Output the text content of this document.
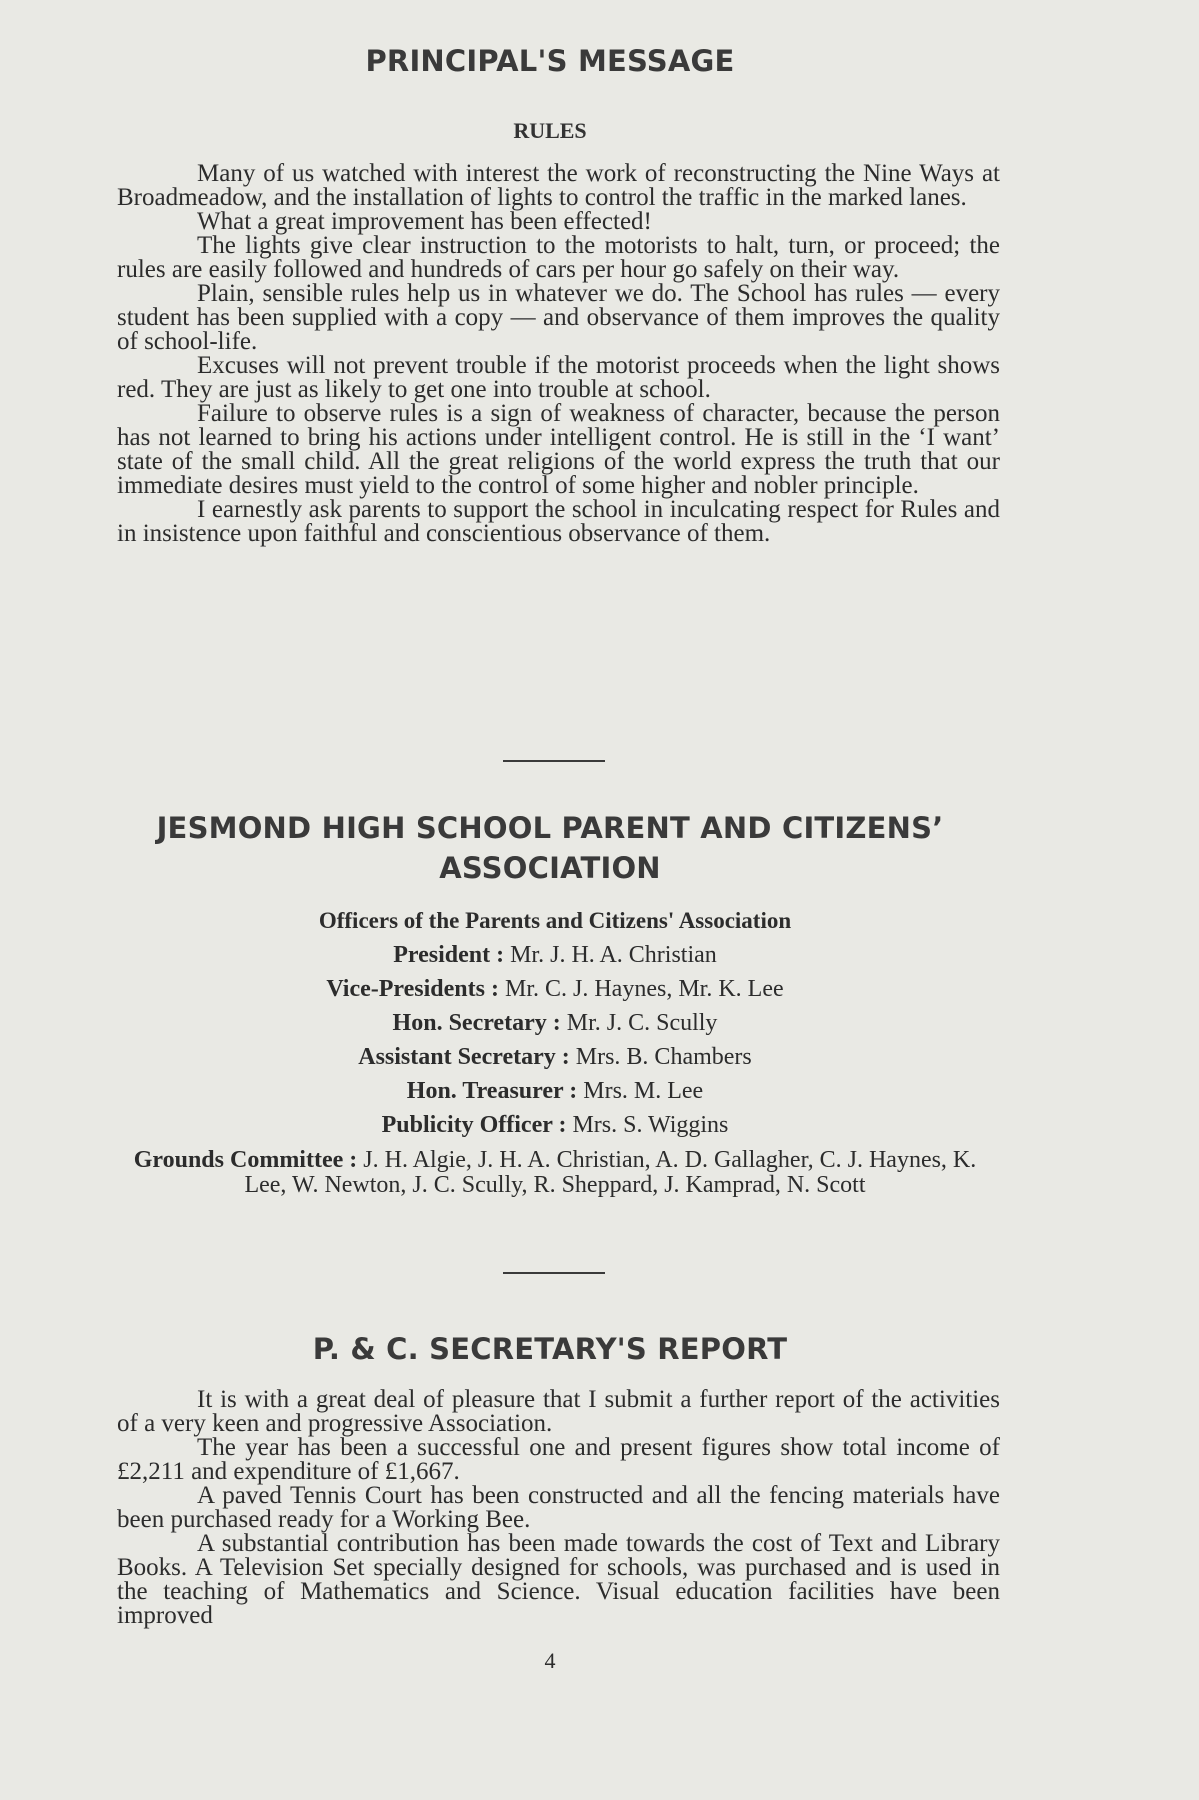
PRINCIPAL'S MESSAGE
RULES

Many of us watched with interest the work of reconstructing the Nine Ways at Broadmeadow, and the installation of lights to control the traffic in the marked lanes.

What a great improvement has been effected!

The lights give clear instruction to the motorists to halt, turn, or proceed; the rules are easily followed and hundreds of cars per hour go safely on their way.

Plain, sensible rules help us in whatever we do. The School has rules — every student has been supplied with a copy — and observance of them improves the quality of school-life.

Excuses will not prevent trouble if the motorist proceeds when the light shows red. They are just as likely to get one into trouble at school.

Failure to observe rules is a sign of weakness of character, because the person has not learned to bring his actions under intelligent control. He is still in the ‘I want’ state of the small child. All the great religions of the world express the truth that our immediate desires must yield to the control of some higher and nobler principle.

I earnestly ask parents to support the school in inculcating respect for Rules and in insistence upon faithful and conscientious observance of them.

JESMOND HIGH SCHOOL PARENT AND CITIZENS’
ASSOCIATION
Officers of the Parents and Citizens' Association
President : Mr. J. H. A. Christian
Vice-Presidents : Mr. C. J. Haynes, Mr. K. Lee
Hon. Secretary : Mr. J. C. Scully
Assistant Secretary : Mrs. B. Chambers
Hon. Treasurer : Mrs. M. Lee
Publicity Officer : Mrs. S. Wiggins
Grounds Committee : J. H. Algie, J. H. A. Christian, A. D. Gallagher, C. J. Haynes, K. Lee, W. Newton, J. C. Scully, R. Sheppard, J. Kamprad, N. Scott
P. & C. SECRETARY'S REPORT

It is with a great deal of pleasure that I submit a further report of the activities of a very keen and progressive Association.

The year has been a successful one and present figures show total income of £2,211 and expenditure of £1,667.

A paved Tennis Court has been constructed and all the fencing materials have been purchased ready for a Working Bee.

A substantial contribution has been made towards the cost of Text and Library Books. A Television Set specially designed for schools, was purchased and is used in the teaching of Mathematics and Science. Visual education facilities have been improved

4
